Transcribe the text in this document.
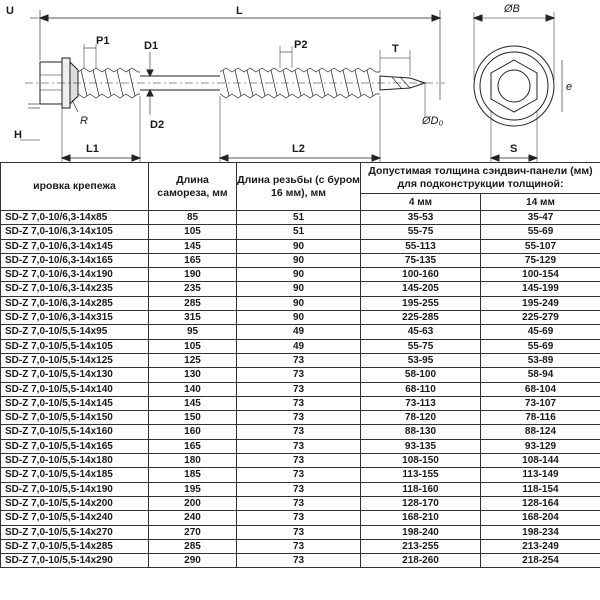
U	L
P1	D1	P2	T
R	D2
H
L1	L2
ØB
e
ØD₀
S
ировка крепежа	Длина самореза, мм	Длина резьбы (с буром 16 мм), мм	Допустимая толщина сэндвич-панели (мм) для подконструкции толщиной:	
			4 мм	14 мм
SD-Z 7,0-10/6,3-14x85	85	51	35-53	35-47
SD-Z 7,0-10/6,3-14x105	105	51	55-75	55-69
SD-Z 7,0-10/6,3-14x145	145	90	55-113	55-107
SD-Z 7,0-10/6,3-14x165	165	90	75-135	75-129
SD-Z 7,0-10/6,3-14x190	190	90	100-160	100-154
SD-Z 7,0-10/6,3-14x235	235	90	145-205	145-199
SD-Z 7,0-10/6,3-14x285	285	90	195-255	195-249
SD-Z 7,0-10/6,3-14x315	315	90	225-285	225-279
SD-Z 7,0-10/5,5-14x95	95	49	45-63	45-69
SD-Z 7,0-10/5,5-14x105	105	49	55-75	55-69
SD-Z 7,0-10/5,5-14x125	125	73	53-95	53-89
SD-Z 7,0-10/5,5-14x130	130	73	58-100	58-94
SD-Z 7,0-10/5,5-14x140	140	73	68-110	68-104
SD-Z 7,0-10/5,5-14x145	145	73	73-113	73-107
SD-Z 7,0-10/5,5-14x150	150	73	78-120	78-116
SD-Z 7,0-10/5,5-14x160	160	73	88-130	88-124
SD-Z 7,0-10/5,5-14x165	165	73	93-135	93-129
SD-Z 7,0-10/5,5-14x180	180	73	108-150	108-144
SD-Z 7,0-10/5,5-14x185	185	73	113-155	113-149
SD-Z 7,0-10/5,5-14x190	195	73	118-160	118-154
SD-Z 7,0-10/5,5-14x200	200	73	128-170	128-164
SD-Z 7,0-10/5,5-14x240	240	73	168-210	168-204
SD-Z 7,0-10/5,5-14x270	270	73	198-240	198-234
SD-Z 7,0-10/5,5-14x285	285	73	213-255	213-249
SD-Z 7,0-10/5,5-14x290	290	73	218-260	218-254
